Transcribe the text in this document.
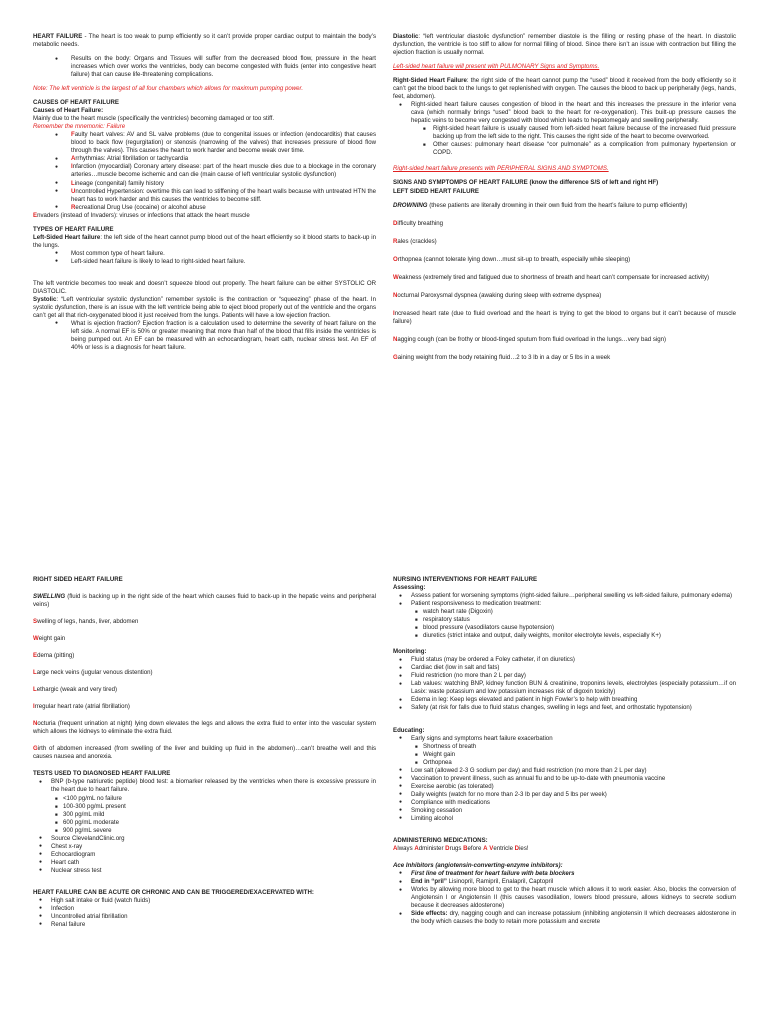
HEART FAILURE - The heart is too weak to pump efficiently so it can’t provide proper cardiac output to maintain the body’s metabolic needs.

● Results on the body: Organs and Tissues will suffer from the decreased blood flow, pressure in the heart increases which over works the ventricles, body can become congested with fluids (enter into congestive heart failure) that can cause life-threatening complications.

Note: The left ventricle is the largest of all four chambers which allows for maximum pumping power.

CAUSES OF HEART FAILURE
Causes of Heart Failure:
Mainly due to the heart muscle (specifically the ventricles) becoming damaged or too stiff.
Remember the mnemonic: Failure
● Faulty heart valves: AV and SL valve problems (due to congenital issues or infection (endocarditis) that causes blood to back flow (regurgitation) or stenosis (narrowing of the valves) that increases pressure of blood flow through the valves). This causes the heart to work harder and become weak over time.
● Arrhythmias: Atrial fibrillation or tachycardia
● Infarction (myocardial) Coronary artery disease: part of the heart muscle dies due to a blockage in the coronary arteries…muscle become ischemic and can die (main cause of left ventricular systolic dysfunction)
● Lineage (congenital) family history
● Uncontrolled Hypertension: overtime this can lead to stiffening of the heart walls because with untreated HTN the heart has to work harder and this causes the ventricles to become stiff.
● Recreational Drug Use (cocaine) or alcohol abuse

Envaders (instead of Invaders): viruses or infections that attack the heart muscle

TYPES OF HEART FAILURE
Left-Sided Heart failure: the left side of the heart cannot pump blood out of the heart efficiently so it blood starts to back-up in the lungs.
● Most common type of heart failure.
● Left-sided heart failure is likely to lead to right-sided heart failure.
The left ventricle becomes too weak and doesn’t squeeze blood out properly. The heart failure can be either SYSTOLIC OR DIASTOLIC.
Systolic: “Left ventricular systolic dysfunction” remember systolic is the contraction or “squeezing” phase of the heart. In systolic dysfunction, there is an issue with the left ventricle being able to eject blood properly out of the ventricle and the organs can’t get all that rich-oxygenated blood it just received from the lungs. Patients will have a low ejection fraction.
● What is ejection fraction? Ejection fraction is a calculation used to determine the severity of heart failure on the left side. A normal EF is 50% or greater meaning that more than half of the blood that fills inside the ventricles is being pumped out. An EF can be measured with an echocardiogram, heart cath, nuclear stress test. An EF of 40% or less is a diagnosis for heart failure.

Diastolic: “left ventricular diastolic dysfunction” remember diastole is the filling or resting phase of the heart. In diastolic dysfunction, the ventricle is too stiff to allow for normal filling of blood. Since there isn’t an issue with contraction but filling the ejection fraction is usually normal.

Left-sided heart failure will present with PULMONARY Signs and Symptoms.

Right-Sided Heart Failure: the right side of the heart cannot pump the “used” blood it received from the body efficiently so it can’t get the blood back to the lungs to get replenished with oxygen. The causes the blood to back up peripherally (legs, hands, feet, abdomen).
● Right-sided heart failure causes congestion of blood in the heart and this increases the pressure in the inferior vena cava (which normally brings “used” blood back to the heart for re-oxygenation). This built-up pressure causes the hepatic veins to become very congested with blood which leads to hepatomegaly and swelling peripherally.
■ Right-sided heart failure is usually caused from left-sided heart failure because of the increased fluid pressure backing up from the left side to the right. This causes the right side of the heart to become overworked.
■ Other causes: pulmonary heart disease “cor pulmonale” as a complication from pulmonary hypertension or COPD.

Right-sided heart failure presents with PERIPHERAL SIGNS AND SYMPTOMS.

SIGNS AND SYMPTOMPS OF HEART FAILURE (know the difference S/S of left and right HF)

LEFT SIDED HEART FAILURE

DROWNING (these patients are literally drowning in their own fluid from the heart’s failure to pump efficiently)

Difficulty breathing

Rales (crackles)

Orthopnea (cannot tolerate lying down…must sit-up to breath, especially while sleeping)

Weakness (extremely tired and fatigued due to shortness of breath and heart can’t compensate for increased activity)

Nocturnal Paroxysmal dyspnea (awaking during sleep with extreme dyspnea)

Increased heart rate (due to fluid overload and the heart is trying to get the blood to organs but it can’t because of muscle failure)

Nagging cough (can be frothy or blood-tinged sputum from fluid overload in the lungs…very bad sign)

Gaining weight from the body retaining fluid…2 to 3 lb in a day or 5 lbs in a week

RIGHT SIDED HEART FAILURE

SWELLING (fluid is backing up in the right side of the heart which causes fluid to back-up in the hepatic veins and peripheral veins)

Swelling of legs, hands, liver, abdomen

Weight gain

Edema (pitting)

Large neck veins (jugular venous distention)

Lethargic (weak and very tired)

Irregular heart rate (atrial fibrillation)

Nocturia (frequent urination at night) lying down elevates the legs and allows the extra fluid to enter into the vascular system which allows the kidneys to eliminate the extra fluid.

Girth of abdomen increased (from swelling of the liver and building up fluid in the abdomen)…can’t breathe well and this causes nausea and anorexia.

TESTS USED TO DIAGNOSED HEART FAILURE
● BNP (b-type natriuretic peptide) blood test: a biomarker released by the ventricles when there is excessive pressure in the heart due to heart failure.
■ <100 pg/mL no failure
■ 100-300 pg/mL present
■ 300 pg/mL mild
■ 600 pg/mL moderate
■ 900 pg/mL severe
● Source ClevelandClinic.org
● Chest x-ray
● Echocardiogram
● Heart cath
● Nuclear stress test
HEART FAILURE CAN BE ACUTE OR CHRONIC AND CAN BE TRIGGERED/EXACERVATED WITH:
● High salt intake or fluid (watch fluids)
● Infection
● Uncontrolled atrial fibrillation
● Renal failure
NURSING INTERVENTIONS FOR HEART FAILURE
Assessing:
● Assess patient for worsening symptoms (right-sided failure…peripheral swelling vs left-sided failure, pulmonary edema)
● Patient responsiveness to medication treatment:
■ watch heart rate (Digoxin)
■ respiratory status
■ blood pressure (vasodilators cause hypotension)
■ diuretics (strict intake and output, daily weights, monitor electrolyte levels, especially K+)
Monitoring:
● Fluid status (may be ordered a Foley catheter, if on diuretics)
● Cardiac diet (low in salt and fats)
● Fluid restriction (no more than 2 L per day)
● Lab values: watching BNP, kidney function BUN & creatinine, troponins levels, electrolytes (especially potassium…if on Lasix: waste potassium and low potassium increases risk of digoxin toxicity)
● Edema in leg: Keep legs elevated and patient in high Fowler’s to help with breathing
● Safety (at risk for falls due to fluid status changes, swelling in legs and feet, and orthostatic hypotension)
Educating:
● Early signs and symptoms heart failure exacerbation
■ Shortness of breath
■ Weight gain
■ Orthopnea
● Low salt (allowed 2-3 G sodium per day) and fluid restriction (no more than 2 L per day)
● Vaccination to prevent illness, such as annual flu and to be up-to-date with pneumonia vaccine
● Exercise aerobic (as tolerated)
● Daily weights (watch for no more than 2-3 lb per day and 5 lbs per week)
● Compliance with medications
● Smoking cessation
● Limiting alcohol
ADMINISTERING MEDICATIONS:

Always Administer Drugs Before A Ventricle Dies!

Ace Inhibitors (angiotensin-converting-enzyme inhibitors):
● First line of treatment for heart failure with beta blockers
● End in “pril” Lisinopril, Ramipril, Enalapril, Captopril
● Works by allowing more blood to get to the heart muscle which allows it to work easier. Also, blocks the conversion of Angiotensin I or Angiotensin II (this causes vasodilation, lowers blood pressure, allows kidneys to secrete sodium because it decreases aldosterone)
● Side effects: dry, nagging cough and can increase potassium (inhibiting angiotensin II which decreases aldosterone in the body which causes the body to retain more potassium and excrete
